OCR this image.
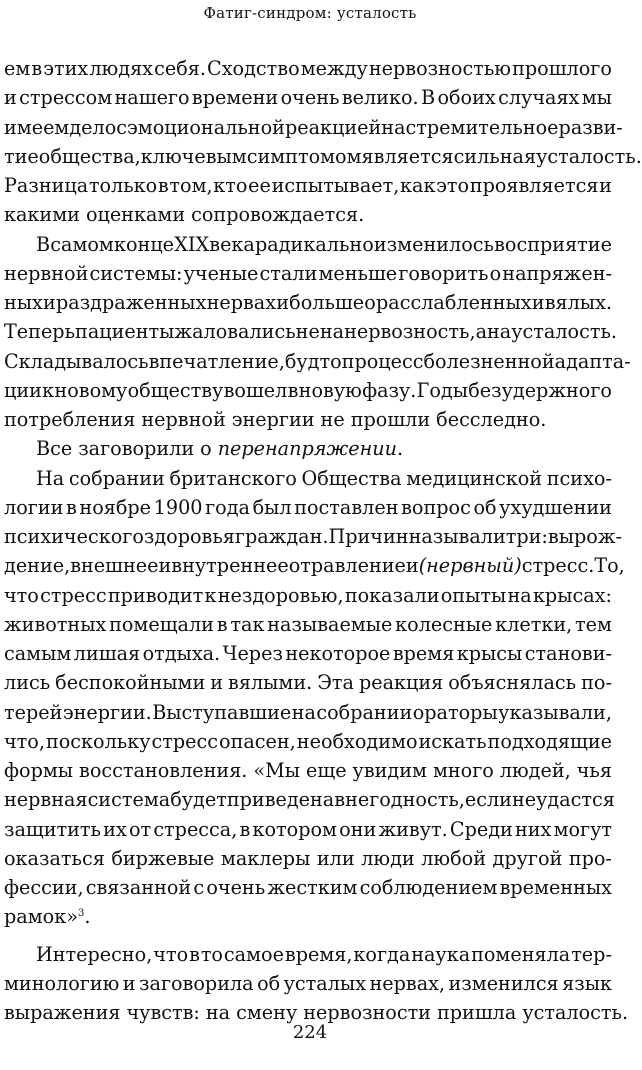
Фатиг-синдром: усталость
ем в этих людях себя. Сходство между нервозностью прошлого
и стрессом нашего времени очень велико. В обоих случаях мы
имеем дело с эмоциональной реакцией на стремительное разви-
тие общества, ключевым симптомом является сильная усталость.
Разница только в том, кто ее испытывает, как это проявляется и
какими оценками сопровождается.
В самом конце XIX века радикально изменилось восприятие
нервной системы: ученые стали меньше говорить о напряжен-
ных и раздраженных нервах и больше о расслабленных и вялых.
Теперь пациенты жаловались не на нервозность, а на усталость.
Складывалось впечатление, будто процесс болезненной адапта-
ции к новому обществу вошел в новую фазу. Годы безудержного
потребления нервной энергии не прошли бесследно.
Все заговорили о перенапряжении.
На собрании британского Общества медицинской психо-
логии в ноябре 1900 года был поставлен вопрос об ухудшении
психического здоровья граждан. Причин называли три: вырож-
дение, внешнее и внутреннее отравление и (нервный) стресс. То,
что стресс приводит к нездоровью, показали опыты на крысах:
животных помещали в так называемые колесные клетки, тем
самым лишая отдыха. Через некоторое время крысы станови-
лись беспокойными и вялыми. Эта реакция объяснялась по-
терей энергии. Выступавшие на собрании ораторы указывали,
что, поскольку стресс опасен, необходимо искать подходящие
формы восстановления. «Мы еще увидим много людей, чья
нервная система будет приведена в негодность, если не удастся
защитить их от стресса, в котором они живут. Среди них могут
оказаться биржевые маклеры или люди любой другой про-
фессии, связанной с очень жестким соблюдением временных
рамок»$^3$.
Интересно, что в то самое время, когда наука поменяла тер-
минологию и заговорила об усталых нервах, изменился язык
выражения чувств: на смену нервозности пришла усталость.
224
